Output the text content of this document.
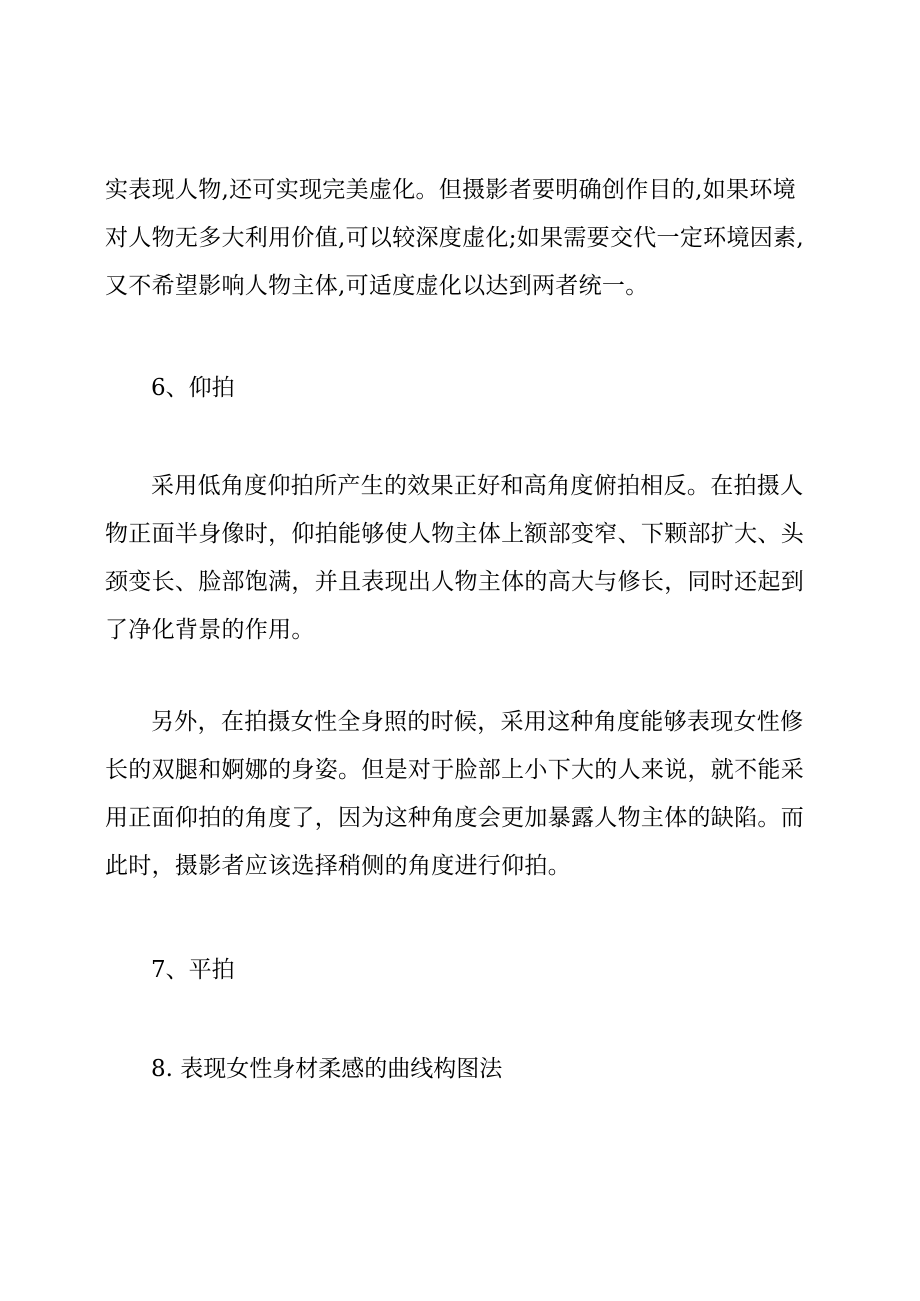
实表现人物,还可实现完美虚化。但摄影者要明确创作目的,如果环境对人物无多大利用价值,可以较深度虚化;如果需要交代一定环境因素,又不希望影响人物主体,可适度虚化以达到两者统一。

6、仰拍

采用低角度仰拍所产生的效果正好和高角度俯拍相反。在拍摄人物正面半身像时，仰拍能够使人物主体上额部变窄、下颗部扩大、头颈变长、脸部饱满，并且表现出人物主体的高大与修长，同时还起到了净化背景的作用。

另外，在拍摄女性全身照的时候，采用这种角度能够表现女性修长的双腿和婀娜的身姿。但是对于脸部上小下大的人来说，就不能采用正面仰拍的角度了，因为这种角度会更加暴露人物主体的缺陷。而此时，摄影者应该选择稍侧的角度进行仰拍。

7、平拍

8. 表现女性身材柔感的曲线构图法
